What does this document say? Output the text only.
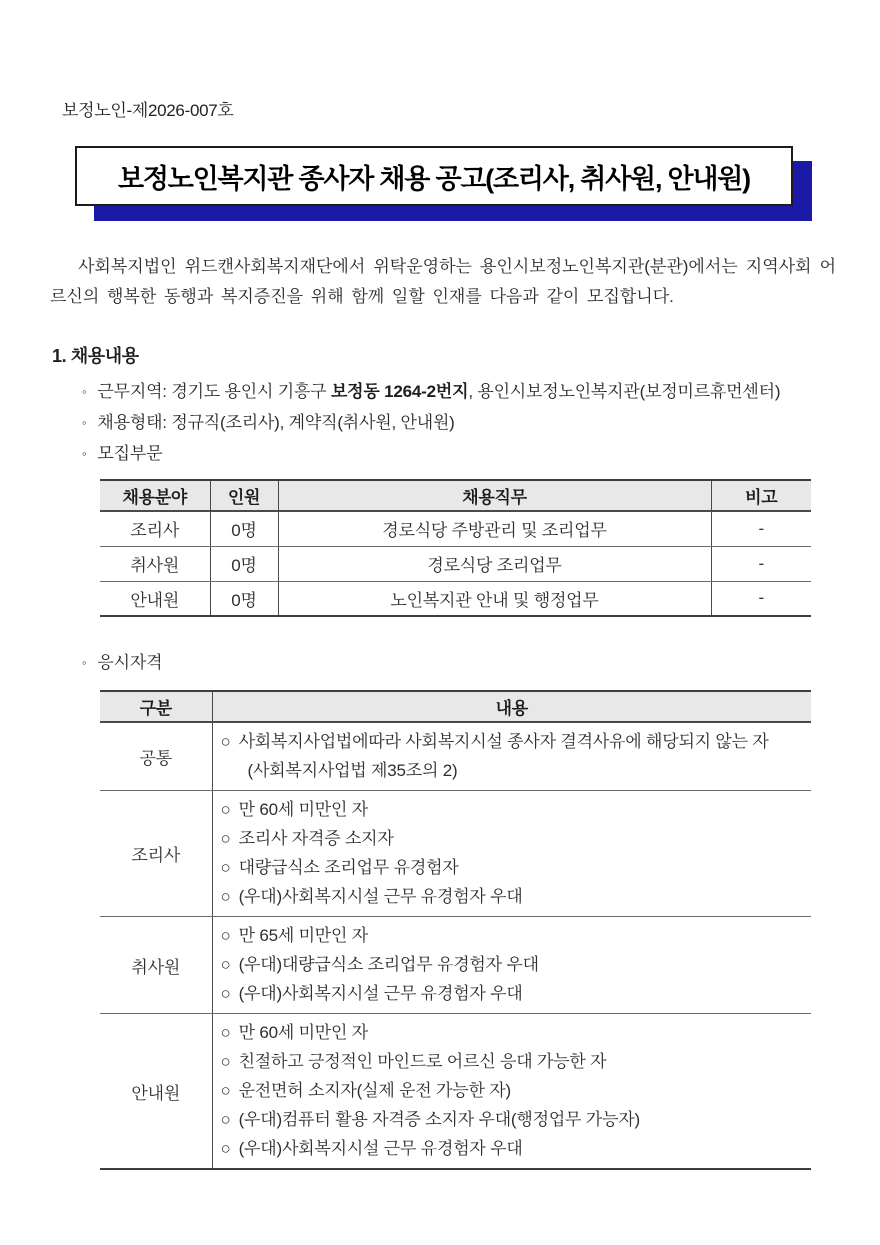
보정노인-제2026-007호
보정노인복지관 종사자 채용 공고(조리사, 취사원, 안내원)

사회복지법인 위드캔사회복지재단에서 위탁운영하는 용인시보정노인복지관(분관)에서는 지역사회 어르신의 행복한 동행과 복지증진을 위해 함께 일할 인재를 다음과 같이 모집합니다.

1. 채용내용
◦ 근무지역: 경기도 용인시 기흥구 보정동 1264-2번지, 용인시보정노인복지관(보정미르휴먼센터)
◦ 채용형태: 정규직(조리사), 계약직(취사원, 안내원)
◦ 모집부문
채용분야	인원	채용직무	비고
조리사	0명	경로식당 주방관리 및 조리업무	-
취사원	0명	경로식당 조리업무	-
안내원	0명	노인복지관 안내 및 행정업무	-
◦ 응시자격
구분	내용
공통	○ 사회복지사업법에따라 사회복지시설 종사자 결격사유에 해당되지 않는 자
(사회복지사업법 제35조의 2)

조리사	○ 만 60세 미만인 자
○ 조리사 자격증 소지자
○ 대량급식소 조리업무 유경험자
○ (우대)사회복지시설 근무 유경험자 우대

취사원	○ 만 65세 미만인 자
○ (우대)대량급식소 조리업무 유경험자 우대
○ (우대)사회복지시설 근무 유경험자 우대

안내원	○ 만 60세 미만인 자
○ 친절하고 긍정적인 마인드로 어르신 응대 가능한 자
○ 운전면허 소지자(실제 운전 가능한 자)
○ (우대)컴퓨터 활용 자격증 소지자 우대(행정업무 가능자)
○ (우대)사회복지시설 근무 유경험자 우대
